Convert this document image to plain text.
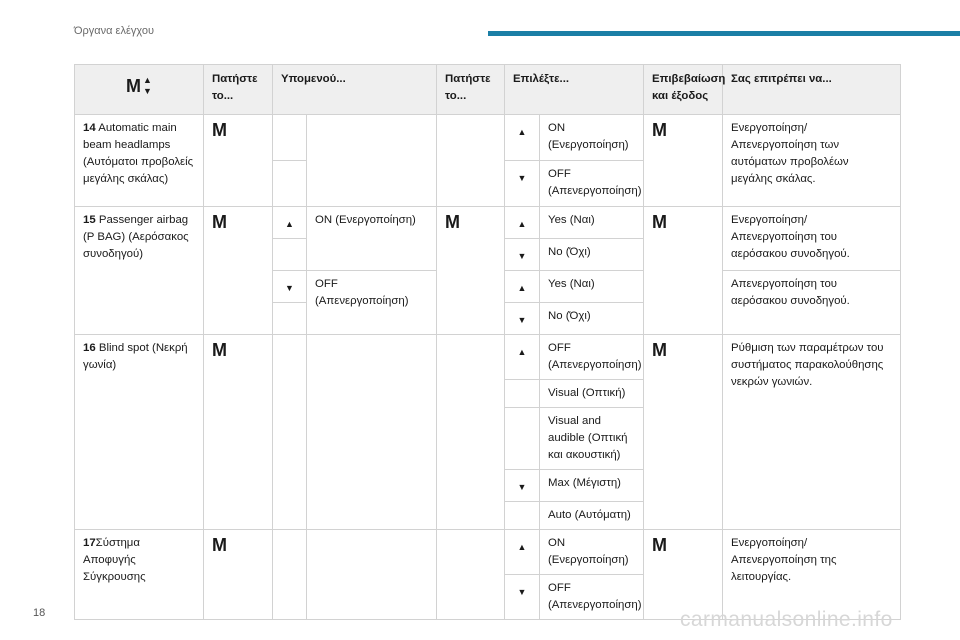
Όργανα ελέγχου
M ▲
▼	Πατήστε το...	Υπομενού...		Πατήστε το...	Επιλέξτε...		Επιβεβαίωση και έξοδος	Σας επιτρέπει να...
14 Automatic main beam headlamps (Αυτόματοι προβολείς μεγάλης σκάλας)	M				▲	ON (Ενεργοποίηση)	M	Ενεργοποίηση/Απενεργοποίηση των αυτόματων προβολέων μεγάλης σκάλας.
					▼	OFF (Απενεργοποίηση)		
15 Passenger airbag (P BAG) (Αερόσακος συνοδηγού)	M	▲	ON (Ενεργοποίηση)	M	▲	Yes (Ναι)	M	Ενεργοποίηση/Απενεργοποίηση του αερόσακου συνοδηγού.
					▼	No (Όχι)		
		▼	OFF (Απενεργοποίηση)		▲	Yes (Ναι)		Απενεργοποίηση του αερόσακου συνοδηγού.
					▼	No (Όχι)		
16 Blind spot (Νεκρή γωνία)	M				▲	OFF (Απενεργοποίηση)	M	Ρύθμιση των παραμέτρων του συστήματος παρακολούθησης νεκρών γωνιών.
						Visual (Οπτική)		
						Visual and audible (Οπτική και ακουστική)		
					▼	Max (Μέγιστη)		
						Auto (Αυτόματη)		
17Σύστημα Αποφυγής Σύγκρουσης	M				▲	ON (Ενεργοποίηση)	M	Ενεργοποίηση/Απενεργοποίηση της λειτουργίας.
					▼	OFF (Απενεργοποίηση)		
18	carmanualsonline.info
